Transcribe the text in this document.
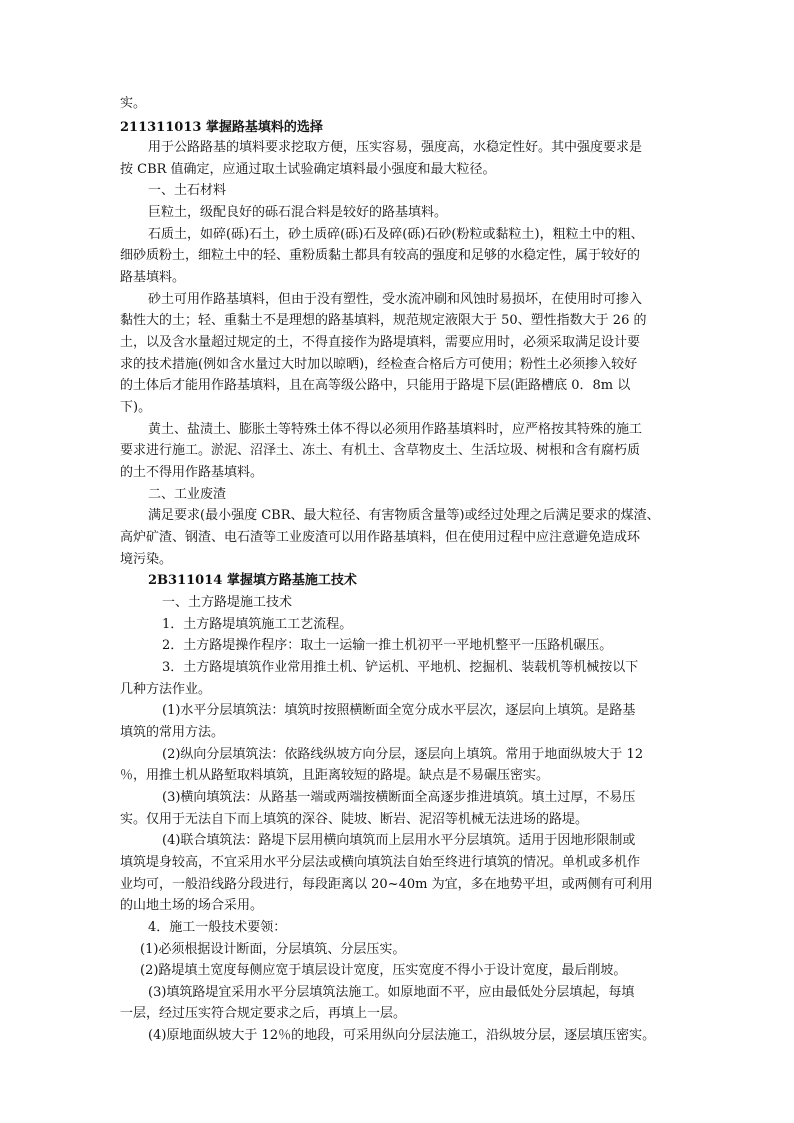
实。
211311013 掌握路基填料的选择
用于公路路基的填料要求挖取方便，压实容易，强度高，水稳定性好。其中强度要求是
按 CBR 值确定，应通过取土试验确定填料最小强度和最大粒径。
一、土石材料
巨粒土，级配良好的砾石混合料是较好的路基填料。
石质土，如碎(砾)石土，砂土质碎(砾)石及碎(砾)石砂(粉粒或黏粒土)，粗粒土中的粗、
细砂质粉土，细粒土中的轻、重粉质黏土都具有较高的强度和足够的水稳定性，属于较好的
路基填料。
砂土可用作路基填料，但由于没有塑性，受水流冲刷和风蚀时易损坏，在使用时可掺入
黏性大的土；轻、重黏土不是理想的路基填料，规范规定液限大于 50、塑性指数大于 26 的
土，以及含水量超过规定的土，不得直接作为路堤填料，需要应用时，必须采取满足设计要
求的技术措施(例如含水量过大时加以晾晒)，经检查合格后方可使用；粉性土必须掺入较好
的土体后才能用作路基填料，且在高等级公路中，只能用于路堤下层(距路槽底 0．8m 以
下)。
黄土、盐渍土、膨胀土等特殊土体不得以必须用作路基填料时，应严格按其特殊的施工
要求进行施工。淤泥、沼泽土、冻土、有机土、含草物皮土、生活垃圾、树根和含有腐朽质
的土不得用作路基填料。
二、工业废渣
满足要求(最小强度 CBR、最大粒径、有害物质含量等)或经过处理之后满足要求的煤渣、
高炉矿渣、钢渣、电石渣等工业废渣可以用作路基填料，但在使用过程中应注意避免造成环
境污染。
2B311014 掌握填方路基施工技术
一、土方路堤施工技术
1．土方路堤填筑施工工艺流程。
2．土方路堤操作程序：取土一运输一推土机初平一平地机整平一压路机碾压。
3．土方路堤填筑作业常用推土机、铲运机、平地机、挖掘机、装载机等机械按以下
几种方法作业。
(1)水平分层填筑法：填筑时按照横断面全宽分成水平层次，逐层向上填筑。是路基
填筑的常用方法。
(2)纵向分层填筑法：依路线纵坡方向分层，逐层向上填筑。常用于地面纵坡大于 12
％，用推土机从路堑取料填筑，且距离较短的路堤。缺点是不易碾压密实。
(3)横向填筑法：从路基一端或两端按横断面全高逐步推进填筑。填土过厚，不易压
实。仅用于无法自下而上填筑的深谷、陡坡、断岩、泥沼等机械无法进场的路堤。
(4)联合填筑法：路堤下层用横向填筑而上层用水平分层填筑。适用于因地形限制或
填筑堤身较高，不宜采用水平分层法或横向填筑法自始至终进行填筑的情况。单机或多机作
业均可，一般沿线路分段进行，每段距离以 20~40m 为宜，多在地势平坦，或两侧有可利用
的山地土场的场合采用。
4．施工一般技术要领：
(1)必须根据设计断面，分层填筑、分层压实。
(2)路堤填土宽度每侧应宽于填层设计宽度，压实宽度不得小于设计宽度，最后削坡。
(3)填筑路堤宜采用水平分层填筑法施工。如原地面不平，应由最低处分层填起，每填
一层，经过压实符合规定要求之后，再填上一层。
(4)原地面纵坡大于 12％的地段，可采用纵向分层法施工，沿纵坡分层，逐层填压密实。
